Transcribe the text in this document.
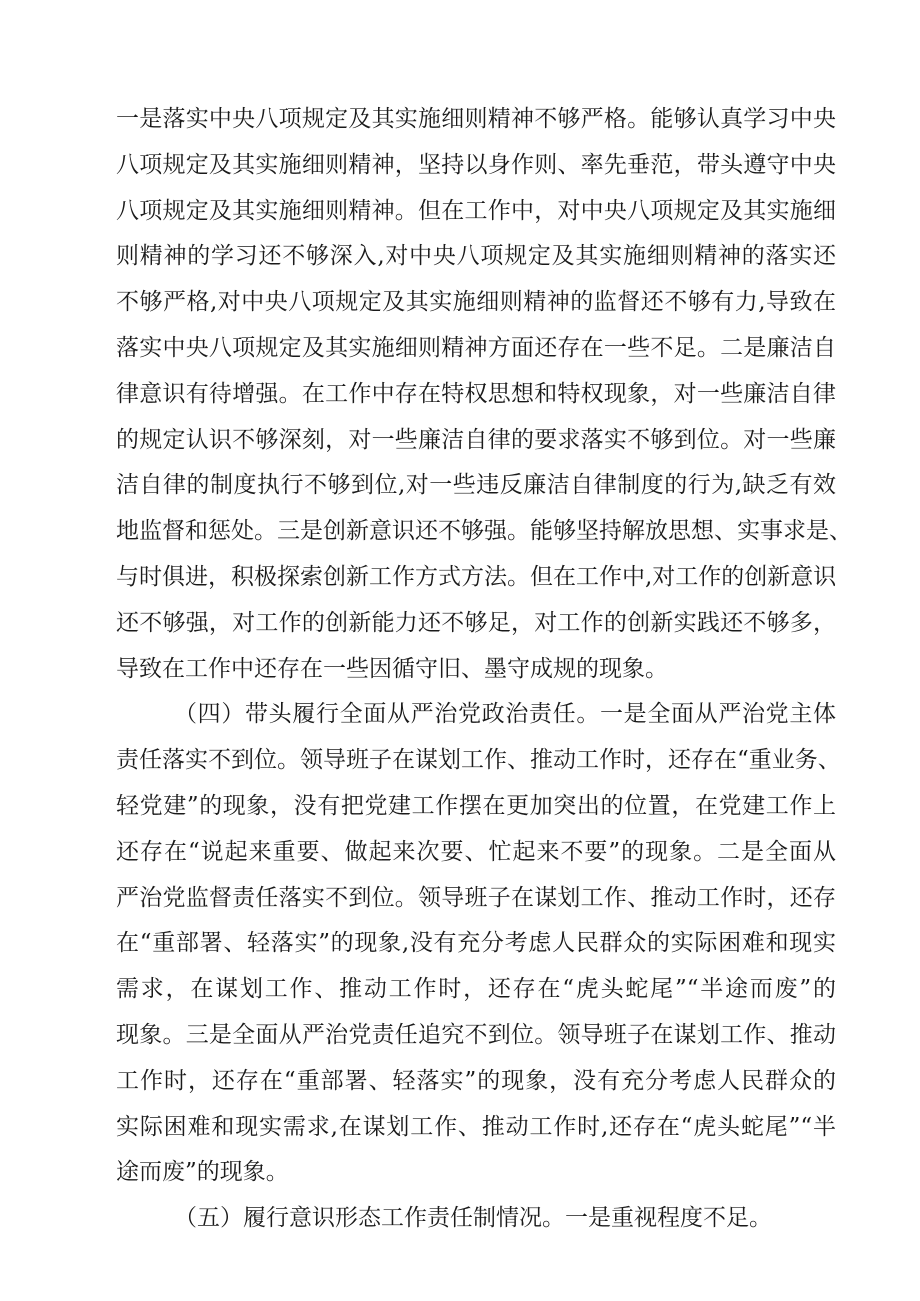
一是落实中央八项规定及其实施细则精神不够严格。能够认真学习中央
八项规定及其实施细则精神，坚持以身作则、率先垂范，带头遵守中央
八项规定及其实施细则精神。但在工作中，对中央八项规定及其实施细
则精神的学习还不够深入,对中央八项规定及其实施细则精神的落实还
不够严格,对中央八项规定及其实施细则精神的监督还不够有力,导致在
落实中央八项规定及其实施细则精神方面还存在一些不足。二是廉洁自
律意识有待增强。在工作中存在特权思想和特权现象，对一些廉洁自律
的规定认识不够深刻，对一些廉洁自律的要求落实不够到位。对一些廉
洁自律的制度执行不够到位,对一些违反廉洁自律制度的行为,缺乏有效
地监督和惩处。三是创新意识还不够强。能够坚持解放思想、实事求是、
与时俱进，积极探索创新工作方式方法。但在工作中,对工作的创新意识
还不够强，对工作的创新能力还不够足，对工作的创新实践还不够多，
导致在工作中还存在一些因循守旧、墨守成规的现象。
（四）带头履行全面从严治党政治责任。一是全面从严治党主体
责任落实不到位。领导班子在谋划工作、推动工作时，还存在“重业务、
轻党建”的现象，没有把党建工作摆在更加突出的位置，在党建工作上
还存在“说起来重要、做起来次要、忙起来不要”的现象。二是全面从
严治党监督责任落实不到位。领导班子在谋划工作、推动工作时，还存
在“重部署、轻落实”的现象,没有充分考虑人民群众的实际困难和现实
需求，在谋划工作、推动工作时，还存在“虎头蛇尾”“半途而废”的
现象。三是全面从严治党责任追究不到位。领导班子在谋划工作、推动
工作时，还存在“重部署、轻落实”的现象，没有充分考虑人民群众的
实际困难和现实需求,在谋划工作、推动工作时,还存在“虎头蛇尾”“半
途而废”的现象。
（五）履行意识形态工作责任制情况。一是重视程度不足。
